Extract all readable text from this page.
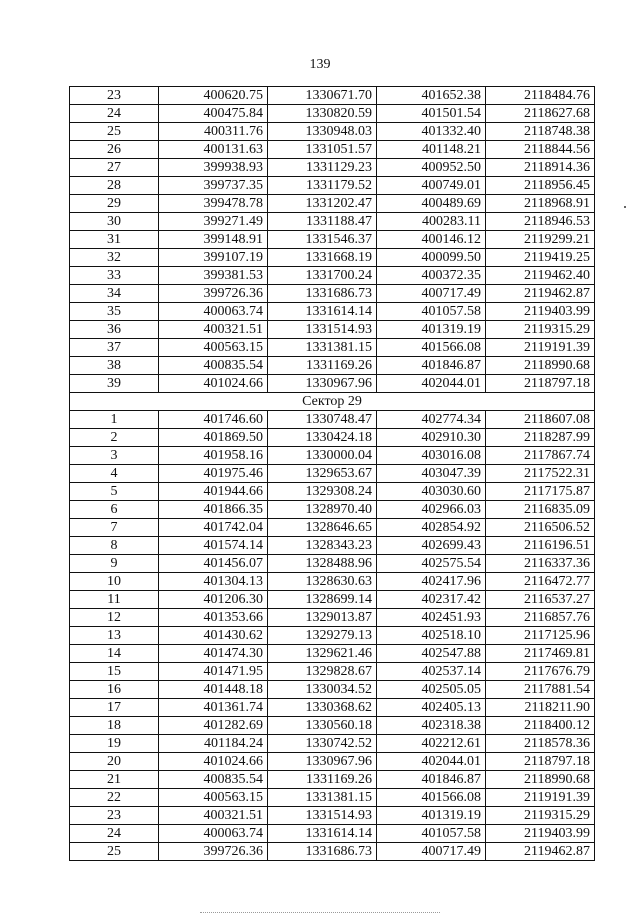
139
23	400620.75	1330671.70	401652.38	2118484.76
24	400475.84	1330820.59	401501.54	2118627.68
25	400311.76	1330948.03	401332.40	2118748.38
26	400131.63	1331051.57	401148.21	2118844.56
27	399938.93	1331129.23	400952.50	2118914.36
28	399737.35	1331179.52	400749.01	2118956.45
29	399478.78	1331202.47	400489.69	2118968.91
30	399271.49	1331188.47	400283.11	2118946.53
31	399148.91	1331546.37	400146.12	2119299.21
32	399107.19	1331668.19	400099.50	2119419.25
33	399381.53	1331700.24	400372.35	2119462.40
34	399726.36	1331686.73	400717.49	2119462.87
35	400063.74	1331614.14	401057.58	2119403.99
36	400321.51	1331514.93	401319.19	2119315.29
37	400563.15	1331381.15	401566.08	2119191.39
38	400835.54	1331169.26	401846.87	2118990.68
39	401024.66	1330967.96	402044.01	2118797.18
Сектор 29				
1	401746.60	1330748.47	402774.34	2118607.08
2	401869.50	1330424.18	402910.30	2118287.99
3	401958.16	1330000.04	403016.08	2117867.74
4	401975.46	1329653.67	403047.39	2117522.31
5	401944.66	1329308.24	403030.60	2117175.87
6	401866.35	1328970.40	402966.03	2116835.09
7	401742.04	1328646.65	402854.92	2116506.52
8	401574.14	1328343.23	402699.43	2116196.51
9	401456.07	1328488.96	402575.54	2116337.36
10	401304.13	1328630.63	402417.96	2116472.77
11	401206.30	1328699.14	402317.42	2116537.27
12	401353.66	1329013.87	402451.93	2116857.76
13	401430.62	1329279.13	402518.10	2117125.96
14	401474.30	1329621.46	402547.88	2117469.81
15	401471.95	1329828.67	402537.14	2117676.79
16	401448.18	1330034.52	402505.05	2117881.54
17	401361.74	1330368.62	402405.13	2118211.90
18	401282.69	1330560.18	402318.38	2118400.12
19	401184.24	1330742.52	402212.61	2118578.36
20	401024.66	1330967.96	402044.01	2118797.18
21	400835.54	1331169.26	401846.87	2118990.68
22	400563.15	1331381.15	401566.08	2119191.39
23	400321.51	1331514.93	401319.19	2119315.29
24	400063.74	1331614.14	401057.58	2119403.99
25	399726.36	1331686.73	400717.49	2119462.87
